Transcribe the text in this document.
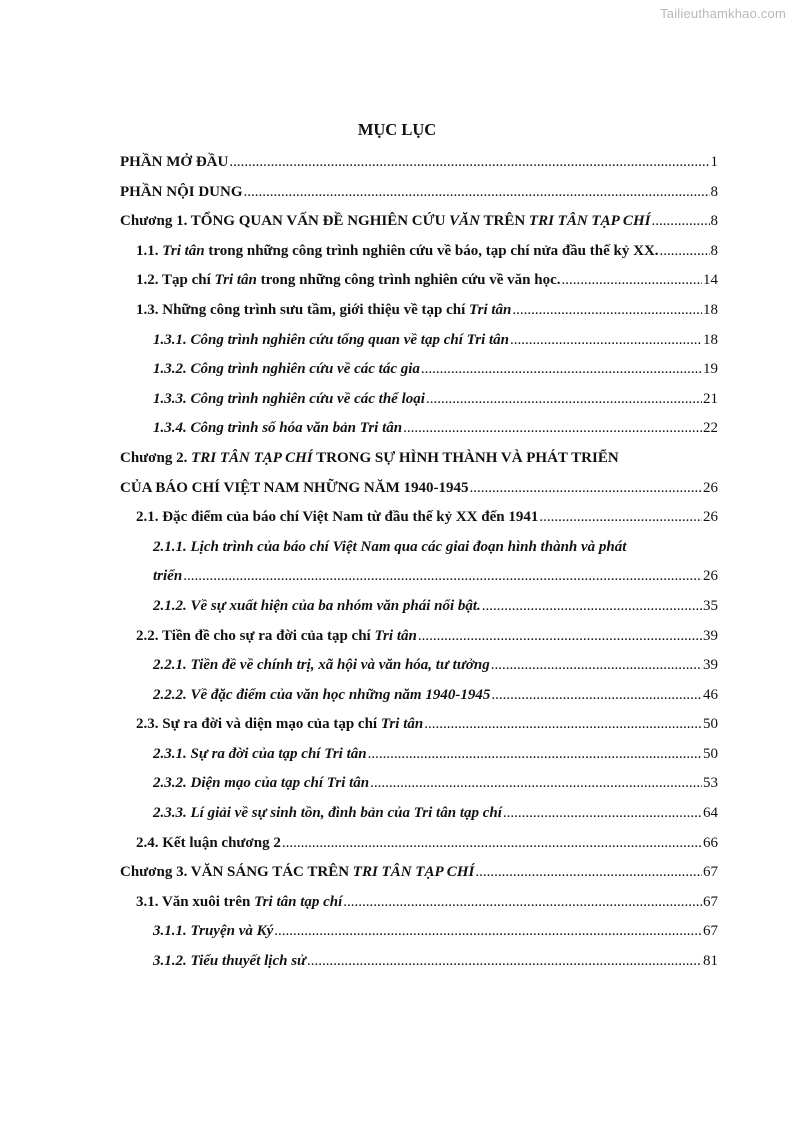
Tailieuthamkhao.com
MỤC LỤC
PHẦN MỞ ĐẦU .....	1
PHẦN NỘI DUNG .....	8
Chương 1. TỔNG QUAN VẤN ĐỀ NGHIÊN CỨU VĂN TRÊN TRI TÂN TẠP CHÍ .....	8
1.1. Tri tân trong những công trình nghiên cứu về báo, tạp chí nửa đầu thế kỷ XX. .....	8
1.2. Tạp chí Tri tân trong những công trình nghiên cứu về văn học. .....	14
1.3. Những công trình sưu tầm, giới thiệu về tạp chí Tri tân .....	18
1.3.1. Công trình nghiên cứu tổng quan về tạp chí Tri tân .....	18
1.3.2. Công trình nghiên cứu về các tác gia .....	19
1.3.3. Công trình nghiên cứu về các thể loại .....	21
1.3.4. Công trình số hóa văn bản Tri tân .....	22
Chương 2. TRI TÂN TẠP CHÍ TRONG SỰ HÌNH THÀNH VÀ PHÁT TRIỂN
CỦA BÁO CHÍ VIỆT NAM NHỮNG NĂM 1940-1945 .....	26
2.1. Đặc điểm của báo chí Việt Nam từ đầu thế kỷ XX đến 1941 .....	26
2.1.1. Lịch trình của báo chí Việt Nam qua các giai đoạn hình thành và phát
triển .....	26
2.1.2. Về sự xuất hiện của ba nhóm văn phái nổi bật. .....	35
2.2. Tiền đề cho sự ra đời của tạp chí Tri tân .....	39
2.2.1. Tiền đề về chính trị, xã hội và văn hóa, tư tưởng .....	39
2.2.2. Về đặc điểm của văn học những năm 1940-1945 .....	46
2.3. Sự ra đời và diện mạo của tạp chí Tri tân .....	50
2.3.1. Sự ra đời của tạp chí Tri tân .....	50
2.3.2. Diện mạo của tạp chí Tri tân .....	53
2.3.3. Lí giải về sự sinh tồn, đình bản của Tri tân tạp chí .....	64
2.4. Kết luận chương 2 .....	66
Chương 3. VĂN SÁNG TÁC TRÊN TRI TÂN TẠP CHÍ .....	67
3.1. Văn xuôi trên Tri tân tạp chí .....	67
3.1.1. Truyện và Ký .....	67
3.1.2. Tiểu thuyết lịch sử .....	81
